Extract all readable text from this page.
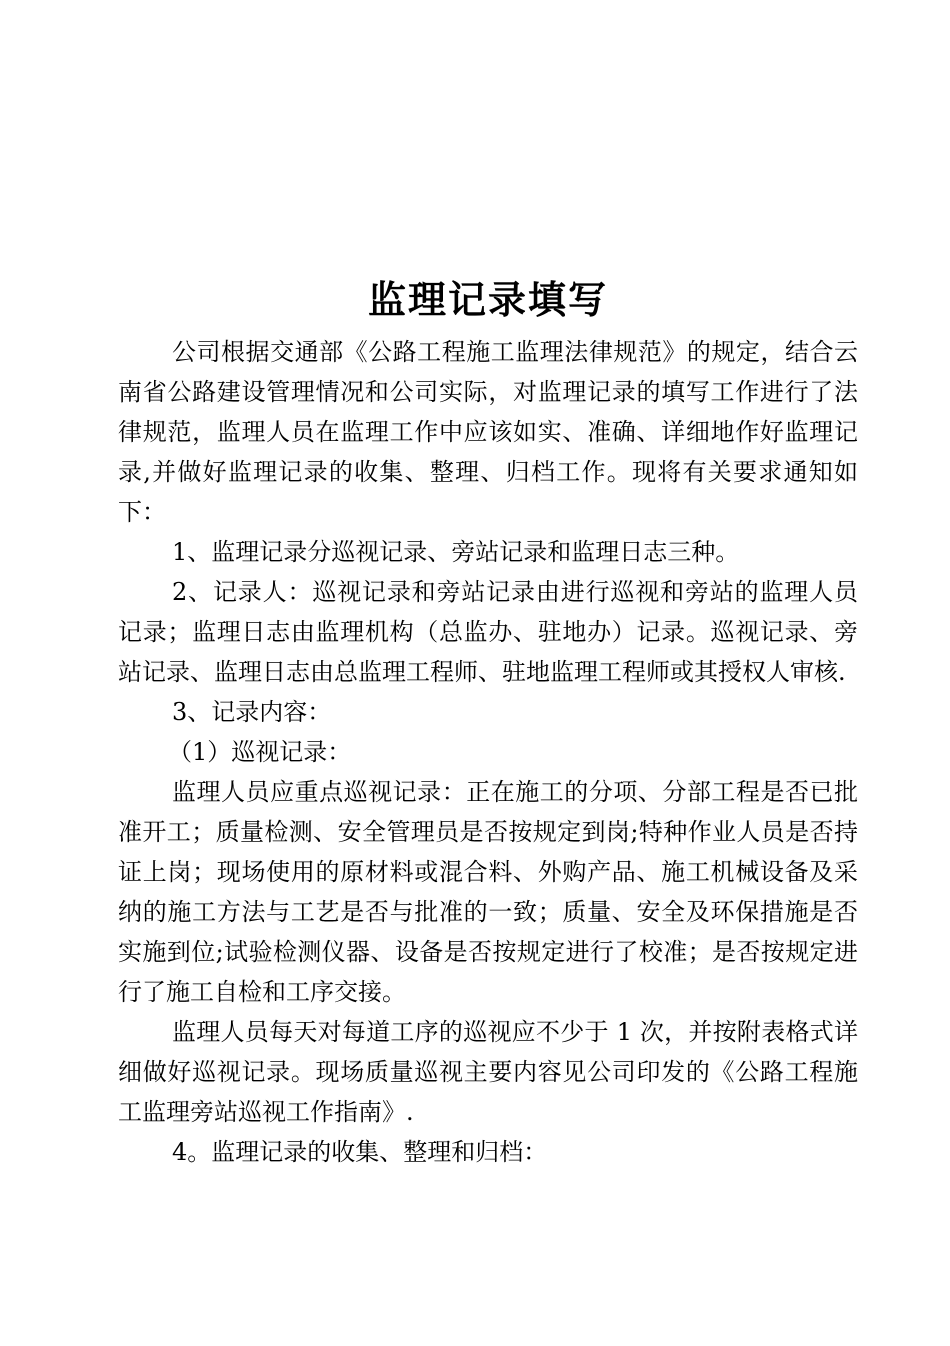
监理记录填写

公司根据交通部《公路工程施工监理法律规范》的规定，结合云南省公路建设管理情况和公司实际，对监理记录的填写工作进行了法律规范，监理人员在监理工作中应该如实、准确、详细地作好监理记录,并做好监理记录的收集、整理、归档工作。现将有关要求通知如下：

1、监理记录分巡视记录、旁站记录和监理日志三种。

2、记录人：巡视记录和旁站记录由进行巡视和旁站的监理人员记录；监理日志由监理机构（总监办、驻地办）记录。巡视记录、旁站记录、监理日志由总监理工程师、驻地监理工程师或其授权人审核.

3、记录内容：

（1）巡视记录：

监理人员应重点巡视记录：正在施工的分项、分部工程是否已批准开工；质量检测、安全管理员是否按规定到岗;特种作业人员是否持证上岗；现场使用的原材料或混合料、外购产品、施工机械设备及采纳的施工方法与工艺是否与批准的一致；质量、安全及环保措施是否实施到位;试验检测仪器、设备是否按规定进行了校准；是否按规定进行了施工自检和工序交接。

监理人员每天对每道工序的巡视应不少于 1 次，并按附表格式详细做好巡视记录。现场质量巡视主要内容见公司印发的《公路工程施工监理旁站巡视工作指南》.

4。监理记录的收集、整理和归档：
